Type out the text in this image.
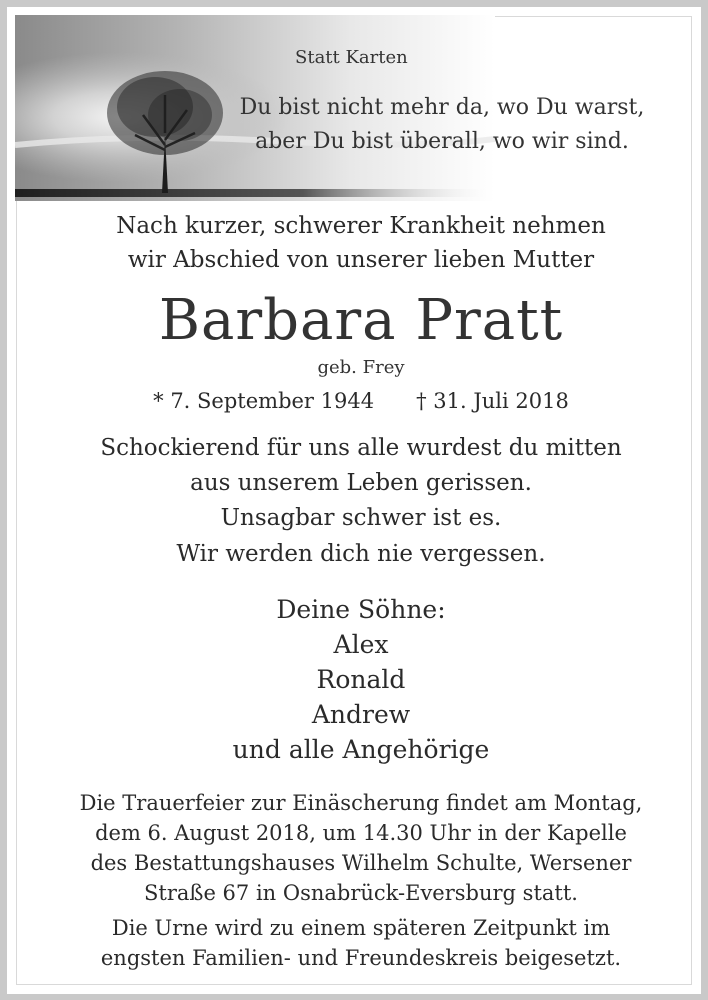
Statt Karten
Du bist nicht mehr da, wo Du warst,
aber Du bist überall, wo wir sind.
Nach kurzer, schwerer Krankheit nehmen
wir Abschied von unserer lieben Mutter
Barbara Pratt
geb. Frey
* 7. September 1944 † 31. Juli 2018
Schockierend für uns alle wurdest du mitten
aus unserem Leben gerissen.
Unsagbar schwer ist es.
Wir werden dich nie vergessen.
Deine Söhne:
Alex
Ronald
Andrew
und alle Angehörige
Die Trauerfeier zur Einäscherung findet am Montag,
dem 6. August 2018, um 14.30 Uhr in der Kapelle
des Bestattungshauses Wilhelm Schulte, Wersener
Straße 67 in Osnabrück-Eversburg statt.
Die Urne wird zu einem späteren Zeitpunkt im
engsten Familien- und Freundeskreis beigesetzt.
